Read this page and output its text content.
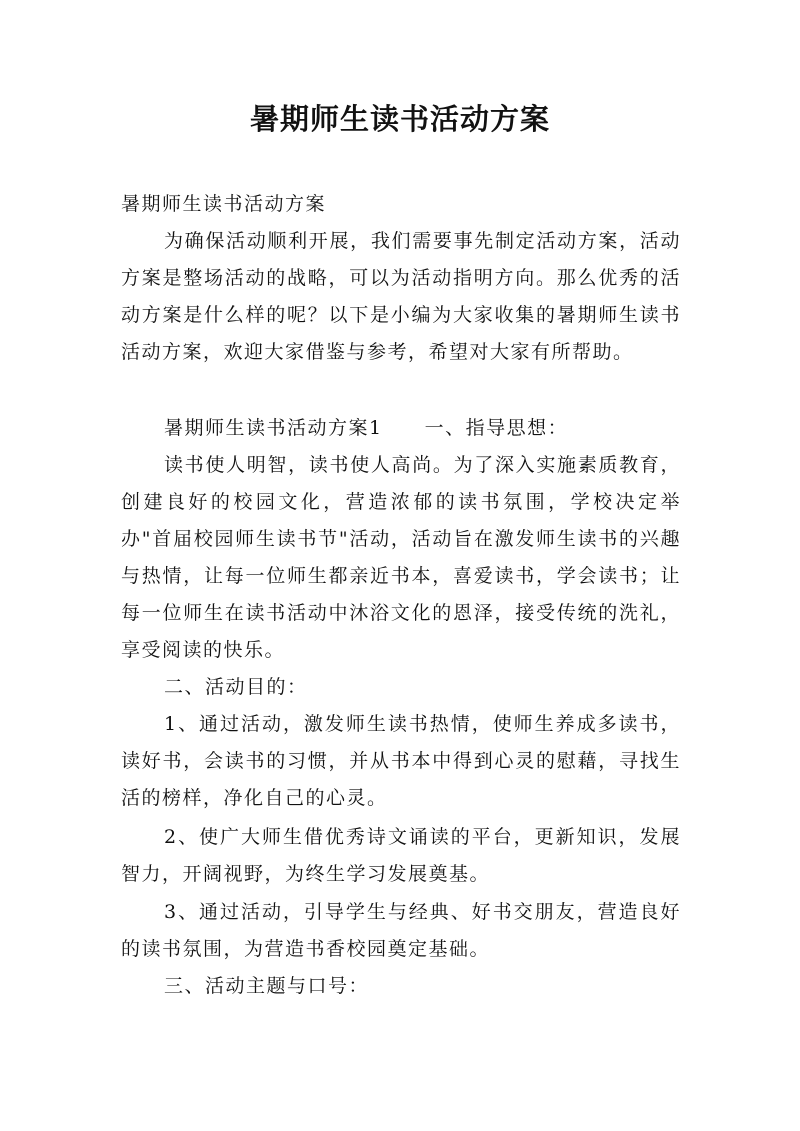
暑期师生读书活动方案

暑期师生读书活动方案

为确保活动顺利开展，我们需要事先制定活动方案，活动方案是整场活动的战略，可以为活动指明方向。那么优秀的活动方案是什么样的呢？以下是小编为大家收集的暑期师生读书活动方案，欢迎大家借鉴与参考，希望对大家有所帮助。

暑期师生读书活动方案1 一、指导思想：

读书使人明智，读书使人高尚。为了深入实施素质教育，创建良好的校园文化，营造浓郁的读书氛围，学校决定举办"首届校园师生读书节"活动，活动旨在激发师生读书的兴趣与热情，让每一位师生都亲近书本，喜爱读书，学会读书；让每一位师生在读书活动中沐浴文化的恩泽，接受传统的洗礼，享受阅读的快乐。

二、活动目的：

1、通过活动，激发师生读书热情，使师生养成多读书，读好书，会读书的习惯，并从书本中得到心灵的慰藉，寻找生活的榜样，净化自己的心灵。

2、使广大师生借优秀诗文诵读的平台，更新知识，发展智力，开阔视野，为终生学习发展奠基。

3、通过活动，引导学生与经典、好书交朋友，营造良好的读书氛围，为营造书香校园奠定基础。

三、活动主题与口号：
